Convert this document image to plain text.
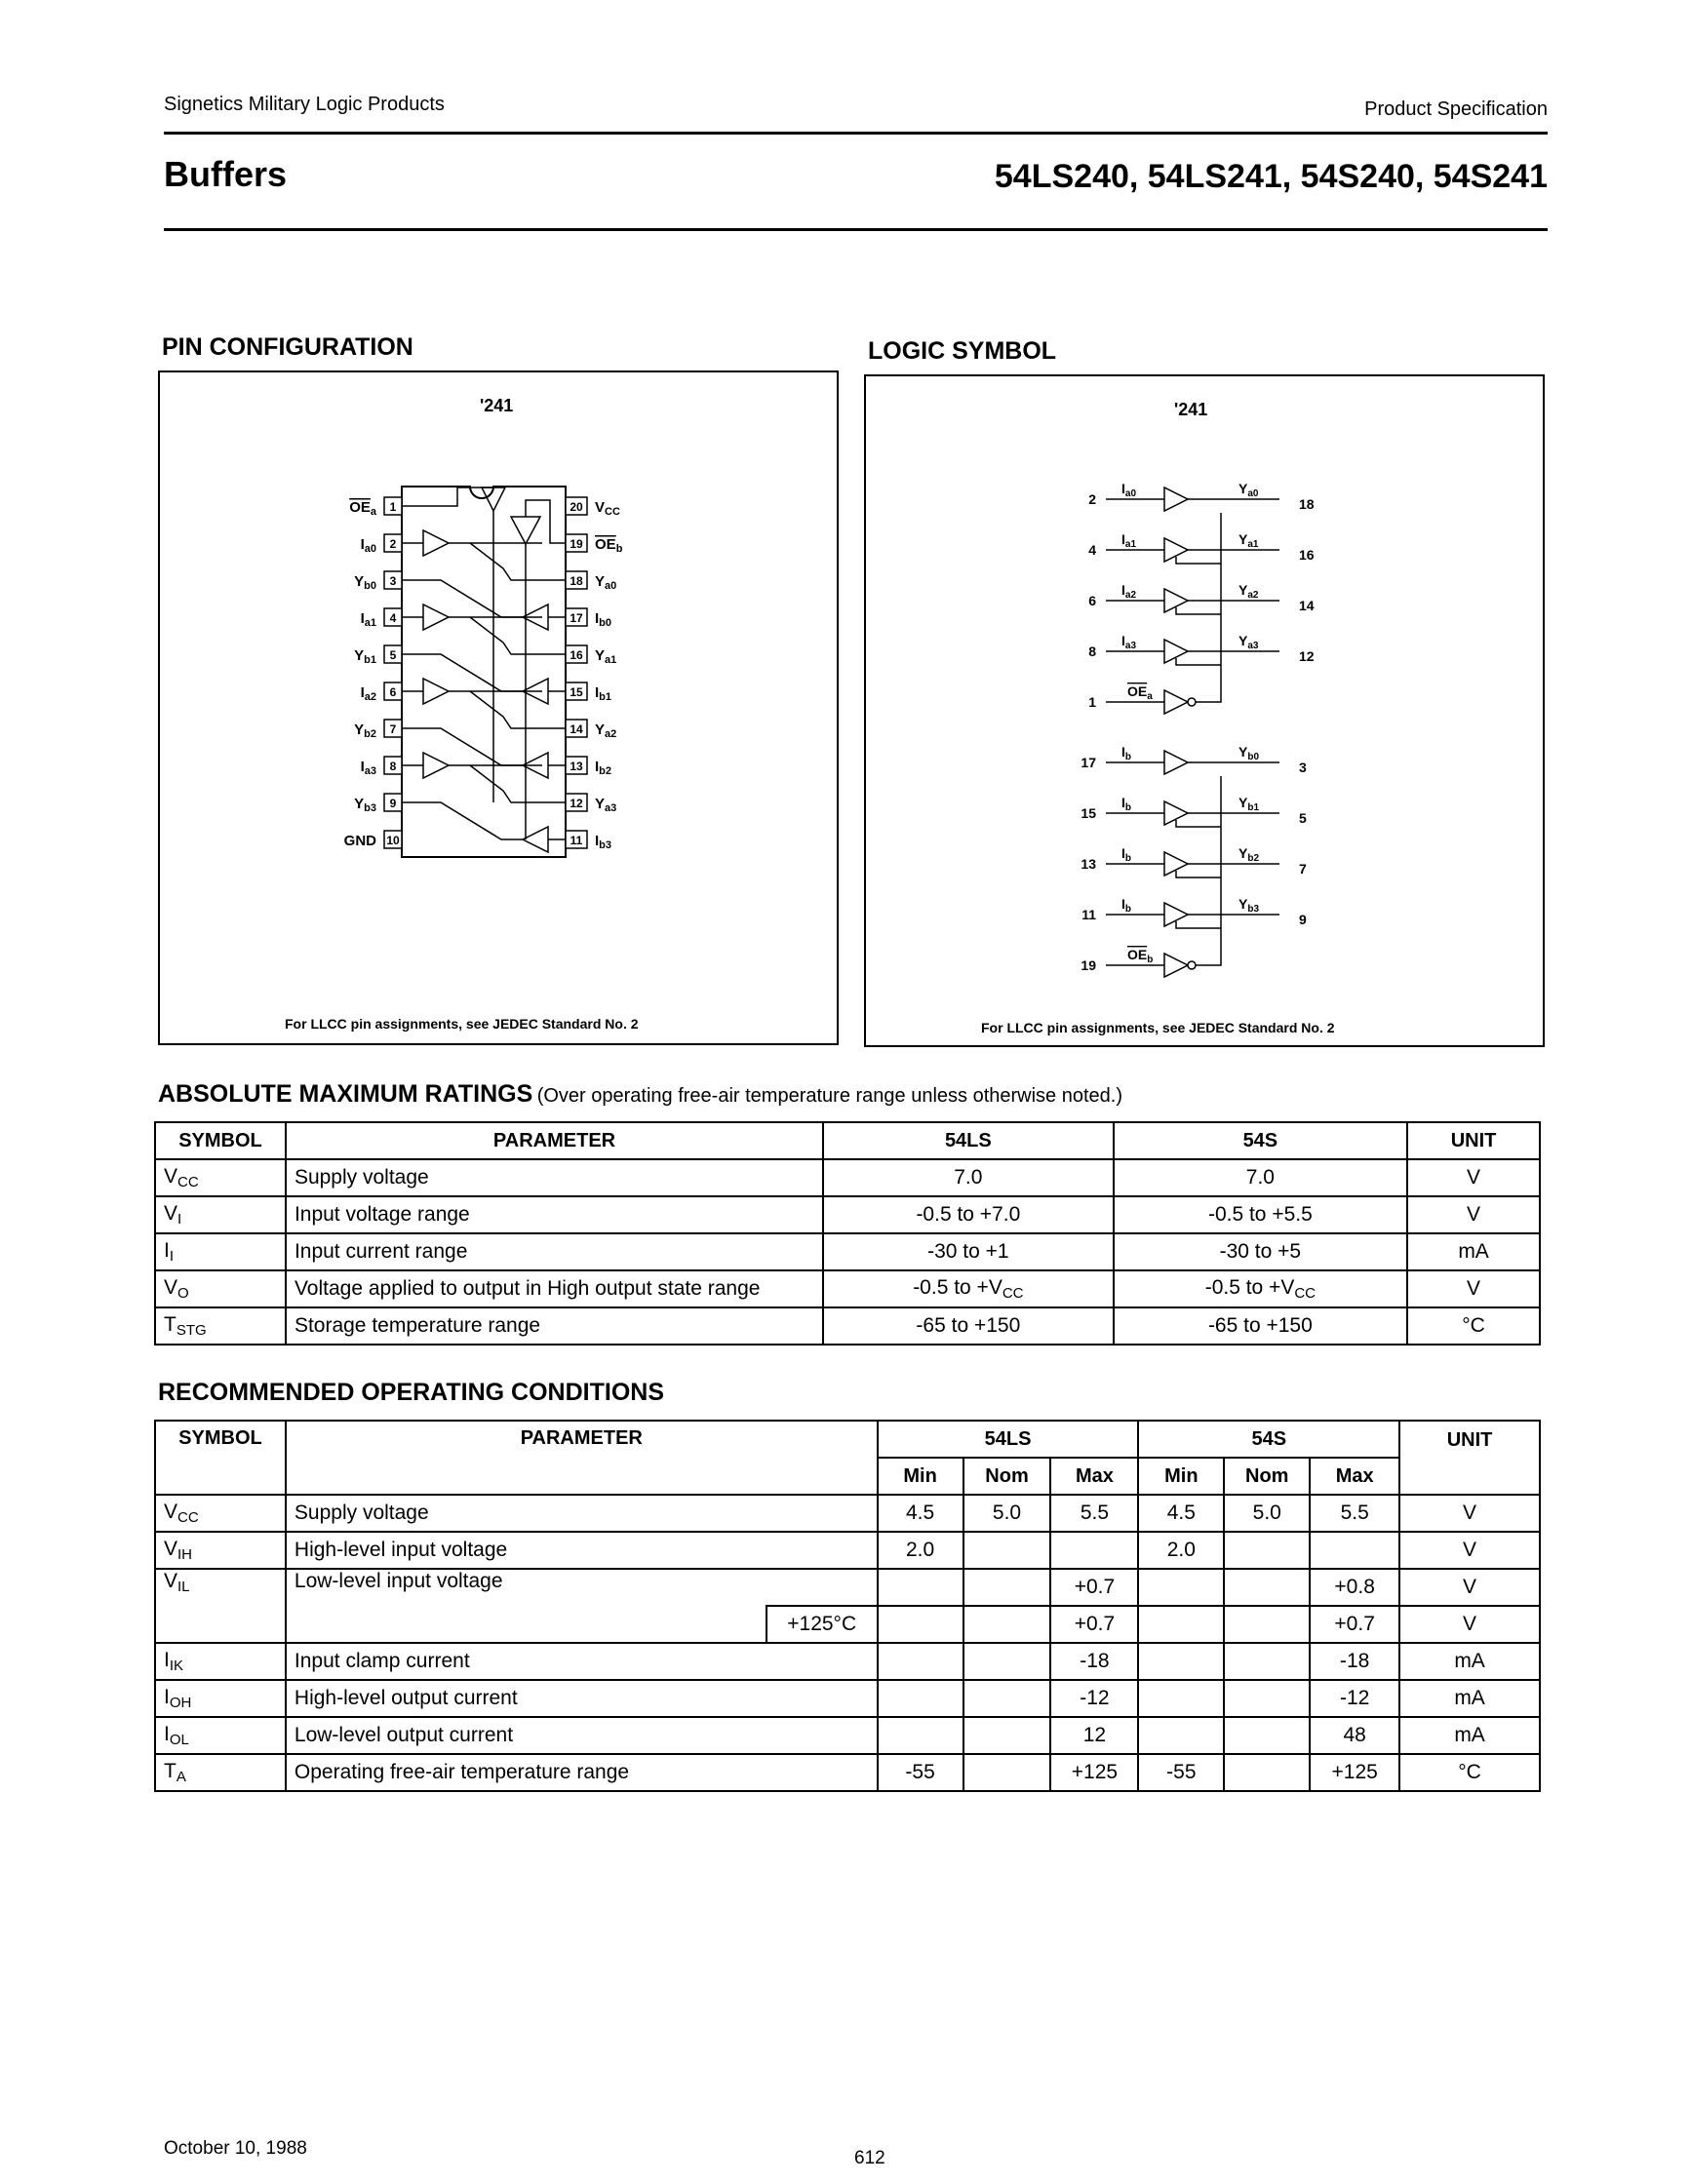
Signetics Military Logic Products	Product Specification
Buffers	54LS240, 54LS241, 54S240, 54S241
PIN CONFIGURATION	LOGIC SYMBOL
'241
1
$OE_a$
2
$I_{a0}$
3
$Y_{b0}$
4
$I_{a1}$
5
$Y_{b1}$
6
$I_{a2}$
7
$Y_{b2}$
8
$I_{a3}$
9
$Y_{b3}$
10
GND
20 $V_{CC}$
19 $OE_b$
18 $Y_{a0}$
17 $I_{b0}$
16 $Y_{a1}$
15 $I_{b1}$
14 $Y_{a2}$
13 $I_{b2}$
12 $Y_{a3}$
11 $I_{b3}$
For LLCC pin assignments, see JEDEC Standard No. 2
'241
2
$I_{a0}$	$Y_{a0}$
18
4
$I_{a1}$	$Y_{a1}$
16
6
$I_{a2}$	$Y_{a2}$
14
8
$I_{a3}$	$Y_{a3}$
12
1
$OE_a$
17
$I_b$	$Y_{b0}$
3
15
$I_b$	$Y_{b1}$
5
13
$I_b$	$Y_{b2}$
7
11
$I_b$	$Y_{b3}$
9
19
$OE_b$
For LLCC pin assignments, see JEDEC Standard No. 2
ABSOLUTE MAXIMUM RATINGS (Over operating free-air temperature range unless otherwise noted.)
SYMBOL	PARAMETER	54LS	54S	UNIT
$V_{CC}$	Supply voltage	7.0	7.0	V
$V_I$	Input voltage range	-0.5 to +7.0	-0.5 to +5.5	V
$I_I$	Input current range	-30 to +1	-30 to +5	mA
$V_O$	Voltage applied to output in High output state range	-0.5 to $+V_{CC}$	-0.5 to $+V_{CC}$	V
$T_{STG}$	Storage temperature range	-65 to +150	-65 to +150	°C
RECOMMENDED OPERATING CONDITIONS
SYMBOL	PARAMETER		54LS			54S			UNIT
			Min	Nom	Max	Min	Nom	Max	
$V_{CC}$	Supply voltage		4.5	5.0	5.5	4.5	5.0	5.5	V
$V_{IH}$	High-level input voltage		2.0			2.0			V
$V_{IL}$	Low-level input voltage				+0.7			+0.8	V
		+125°C			+0.7			+0.7	V
$I_{IK}$	Input clamp current				-18			-18	mA
$I_{OH}$	High-level output current				-12			-12	mA
$I_{OL}$	Low-level output current				12			48	mA
$T_A$	Operating free-air temperature range		-55		+125	-55		+125	°C
October 10, 1988	612
